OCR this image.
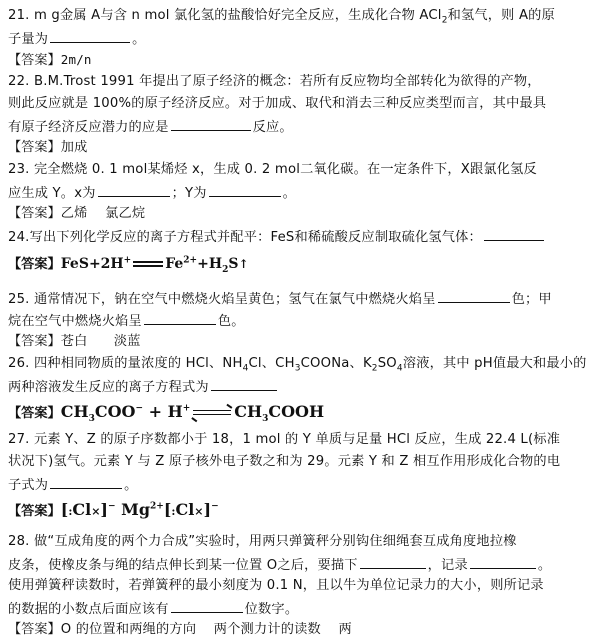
21. m g金属 A与含 n mol 氯化氢的盐酸恰好完全反应，生成化合物 ACl$_2$和氢气，则 A的原
子量为	。
【答案】2m/n
22. B.M.Trost 1991 年提出了原子经济的概念：若所有反应物均全部转化为欲得的产物，
则此反应就是 100%的原子经济反应。对于加成、取代和消去三种反应类型而言，其中最具
有原子经济反应潜力的应是	反应。
【答案】加成
23. 完全燃烧 0. 1 mol某烯烃 x，生成 0. 2 mol二氧化碳。在一定条件下，X跟氯化氢反
应生成 Y。x为	；Y为	。
【答案】乙烯    氯乙烷
24.写出下列化学反应的离子方程式并配平：FeS和稀硫酸反应制取硫化氢气体：
【答案】FeS+2H+ $Fe^{2+}+H_2S↑$
25. 通常情况下，钠在空气中燃烧火焰呈黄色；氢气在氯气中燃烧火焰呈	色；甲
烷在空气中燃烧火焰呈	色。
【答案】苍白      淡蓝
26. 四种相同物质的量浓度的 HCl、$NH_4Cl$、$CH_3COONa$、$K_2SO_4$溶液，其中 pH值最大和最小的
两种溶液发生反应的离子方程式为
【答案】$CH_3COO^- + H^+$ ⇌ $CH_3COOH$
27. 元素 Y、Z 的原子序数都小于 18，1 mol 的 Y 单质与足量 HCl 反应，生成 22.4 L(标准
状况下)氢气。元素 Y 与 Z 原子核外电子数之和为 29。元素 Y 和 Z 相互作用形成化合物的电
子式为	。
【答案】[:Cl×]− $Mg^{2+}[:Cl\times]^-$
28. 做“互成角度的两个力合成”实验时，用两只弹簧秤分别钩住细绳套互成角度地拉橡
皮条，使橡皮条与绳的结点伸长到某一位置 O之后，要描下	，记录	。
使用弹簧秤读数时，若弹簧秤的最小刻度为 0.1 N，且以牛为单位记录力的大小，则所记录
的数据的小数点后面应该有	位数字。
【答案】O 的位置和两绳的方向    两个测力计的读数    两
